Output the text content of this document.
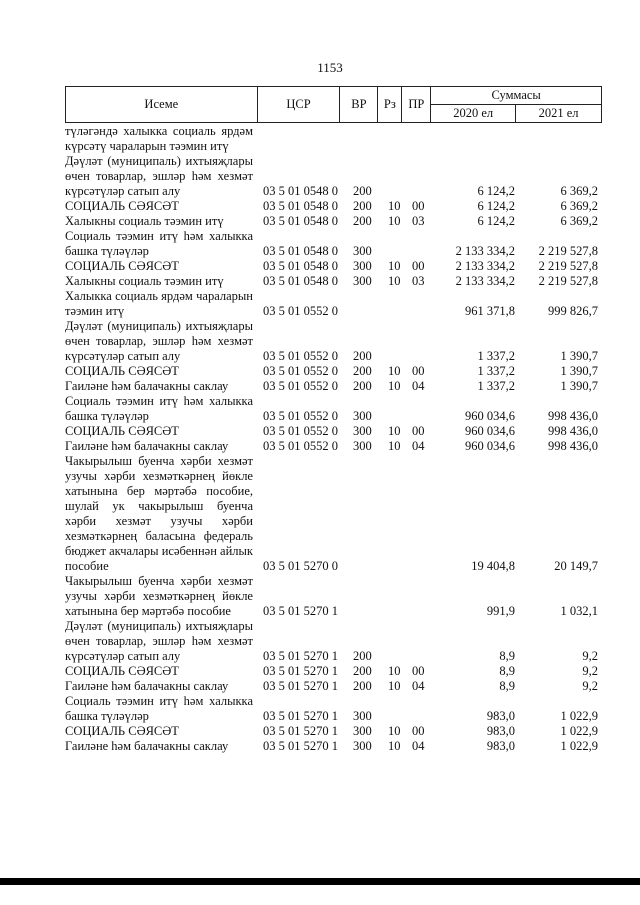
1153
Исеме	ЦСР	ВР	Рз	ПР	Суммасы	
					2020 ел	2021 ел
түләгәндә халыкка социаль ярдәм күрсәтү чараларын тәэмин итү						
Дәүләт (муниципаль) ихтыяҗлары өчен товарлар, эшләр һәм хезмәт күрсәтүләр сатып алу	03 5 01 0548 0	200			6 124,2	6 369,2
СОЦИАЛЬ СӘЯСӘТ	03 5 01 0548 0	200	10	00	6 124,2	6 369,2
Халыкны социаль тәэмин итү	03 5 01 0548 0	200	10	03	6 124,2	6 369,2
Социаль тәэмин итү һәм халыкка башка түләүләр	03 5 01 0548 0	300			2 133 334,2	2 219 527,8
СОЦИАЛЬ СӘЯСӘТ	03 5 01 0548 0	300	10	00	2 133 334,2	2 219 527,8
Халыкны социаль тәэмин итү	03 5 01 0548 0	300	10	03	2 133 334,2	2 219 527,8
Халыкка социаль ярдәм чараларын тәэмин итү	03 5 01 0552 0				961 371,8	999 826,7
Дәүләт (муниципаль) ихтыяҗлары өчен товарлар, эшләр һәм хезмәт күрсәтүләр сатып алу	03 5 01 0552 0	200			1 337,2	1 390,7
СОЦИАЛЬ СӘЯСӘТ	03 5 01 0552 0	200	10	00	1 337,2	1 390,7
Гаиләне һәм балачакны саклау	03 5 01 0552 0	200	10	04	1 337,2	1 390,7
Социаль тәэмин итү һәм халыкка башка түләүләр	03 5 01 0552 0	300			960 034,6	998 436,0
СОЦИАЛЬ СӘЯСӘТ	03 5 01 0552 0	300	10	00	960 034,6	998 436,0
Гаиләне һәм балачакны саклау	03 5 01 0552 0	300	10	04	960 034,6	998 436,0
Чакырылыш буенча хәрби хезмәт узучы хәрби хезмәткәрнең йөкле хатынына бер мәртәбә пособие, шулай ук чакырылыш буенча хәрби хезмәт узучы хәрби хезмәткәрнең баласына федераль бюджет акчалары исәбеннән айлык пособие	03 5 01 5270 0				19 404,8	20 149,7
Чакырылыш буенча хәрби хезмәт узучы хәрби хезмәткәрнең йөкле хатынына бер мәртәбә пособие	03 5 01 5270 1				991,9	1 032,1
Дәүләт (муниципаль) ихтыяҗлары өчен товарлар, эшләр һәм хезмәт күрсәтүләр сатып алу	03 5 01 5270 1	200			8,9	9,2
СОЦИАЛЬ СӘЯСӘТ	03 5 01 5270 1	200	10	00	8,9	9,2
Гаиләне һәм балачакны саклау	03 5 01 5270 1	200	10	04	8,9	9,2
Социаль тәэмин итү һәм халыкка башка түләүләр	03 5 01 5270 1	300			983,0	1 022,9
СОЦИАЛЬ СӘЯСӘТ	03 5 01 5270 1	300	10	00	983,0	1 022,9
Гаиләне һәм балачакны саклау	03 5 01 5270 1	300	10	04	983,0	1 022,9
